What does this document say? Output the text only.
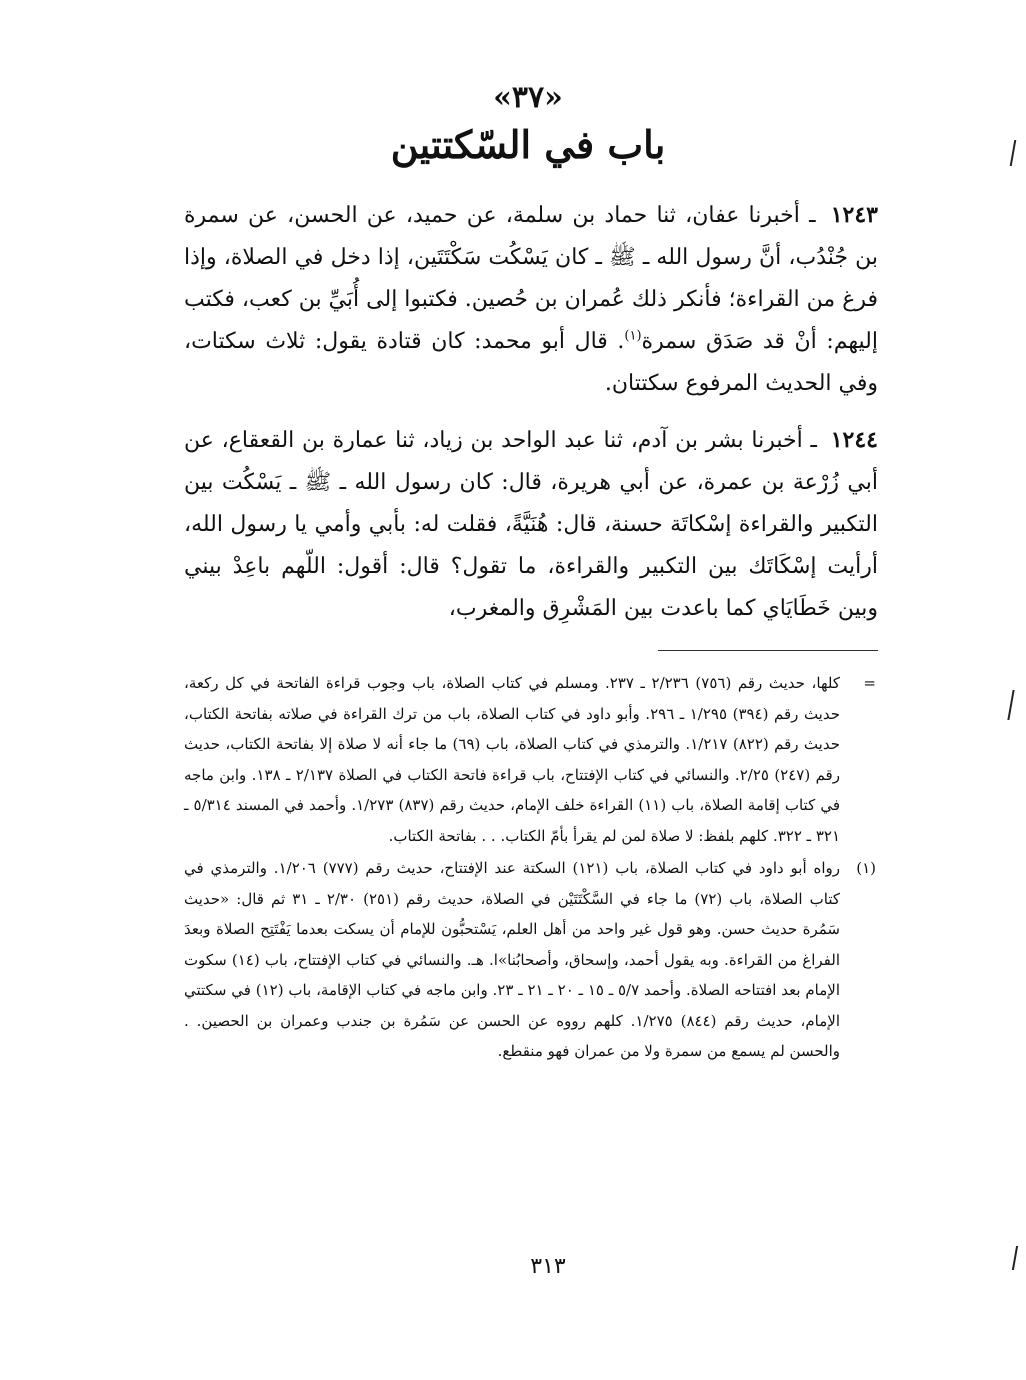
«٣٧»
باب في السّكتتين

١٢٤٣ ـ أخبرنا عفان، ثنا حماد بن سلمة، عن حميد، عن الحسن، عن سمرة بن جُنْدُب، أنَّ رسول الله ـ ﷺ ـ كان يَسْكُت سَكْتَتَين، إذا دخل في الصلاة، وإذا فرغ من القراءة؛ فأنكر ذلك عُمران بن حُصين. فكتبوا إلى أُبَيِّ بن كعب، فكتب إليهم: أنْ قد صَدَق سمرة$^{(١)}$. قال أبو محمد: كان قتادة يقول: ثلاث سكتات، وفي الحديث المرفوع سكتتان.

١٢٤٤ ـ أخبرنا بشر بن آدم، ثنا عبد الواحد بن زياد، ثنا عمارة بن القعقاع، عن أبي زُرْعة بن عمرة، عن أبي هريرة، قال: كان رسول الله ـ ﷺ ـ يَسْكُت بين التكبير والقراءة إسْكاتَة حسنة، قال: هُنَيَّةً، فقلت له: بأبي وأمي يا رسول الله، أرأيت إسْكَاتَك بين التكبير والقراءة، ما تقول؟ قال: أقول: اللّهم باعِدْ بيني وبين خَطَايَاي كما باعدت بين المَشْرِق والمغرب،

=
كلها، حديث رقم (٧٥٦) ٢/٢٣٦ ـ ٢٣٧. ومسلم في كتاب الصلاة، باب وجوب قراءة الفاتحة في كل ركعة، حديث رقم (٣٩٤) ١/٢٩٥ ـ ٢٩٦. وأبو داود في كتاب الصلاة، باب من ترك القراءة في صلاته بفاتحة الكتاب، حديث رقم (٨٢٢) ١/٢١٧. والترمذي في كتاب الصلاة، باب (٦٩) ما جاء أنه لا صلاة إلا بفاتحة الكتاب، حديث رقم (٢٤٧) ٢/٢٥. والنسائي في كتاب الإفتتاح، باب قراءة فاتحة الكتاب في الصلاة ٢/١٣٧ ـ ١٣٨. وابن ماجه في كتاب إقامة الصلاة، باب (١١) القراءة خلف الإمام، حديث رقم (٨٣٧) ١/٢٧٣. وأحمد في المسند ٥/٣١٤ ـ ٣٢١ ـ ٣٢٢. كلهم بلفظ: لا صلاة لمن لم يقرأ بأمّ الكتاب. . . بفاتحة الكتاب.
(١)
رواه أبو داود في كتاب الصلاة، باب (١٢١) السكتة عند الإفتتاح، حديث رقم (٧٧٧) ١/٢٠٦. والترمذي في كتاب الصلاة، باب (٧٢) ما جاء في السَّكْتَتَيْن في الصلاة، حديث رقم (٢٥١) ٢/٣٠ ـ ٣١ ثم قال: «حديث سَمُرة حديث حسن. وهو قول غير واحد من أهل العلم، يَسْتحبُّون للإمام أن يسكت بعدما يَفْتَتِح الصلاة وبعدَ الفراغ من القراءة. وبه يقول أحمد، وإسحاق، وأصحابُنا»ا. هـ. والنسائي في كتاب الإفتتاح، باب (١٤) سكوت الإمام بعد افتتاحه الصلاة. وأحمد ٥/٧ ـ ١٥ ـ ٢٠ ـ ٢١ ـ ٢٣. وابن ماجه في كتاب الإقامة، باب (١٢) في سكتتي الإمام، حديث رقم (٨٤٤) ١/٢٧٥. كلهم رووه عن الحسن عن سَمُرة بن جندب وعمران بن الحصين. . والحسن لم يسمع من سمرة ولا من عمران فهو منقطع.
٣١٣
